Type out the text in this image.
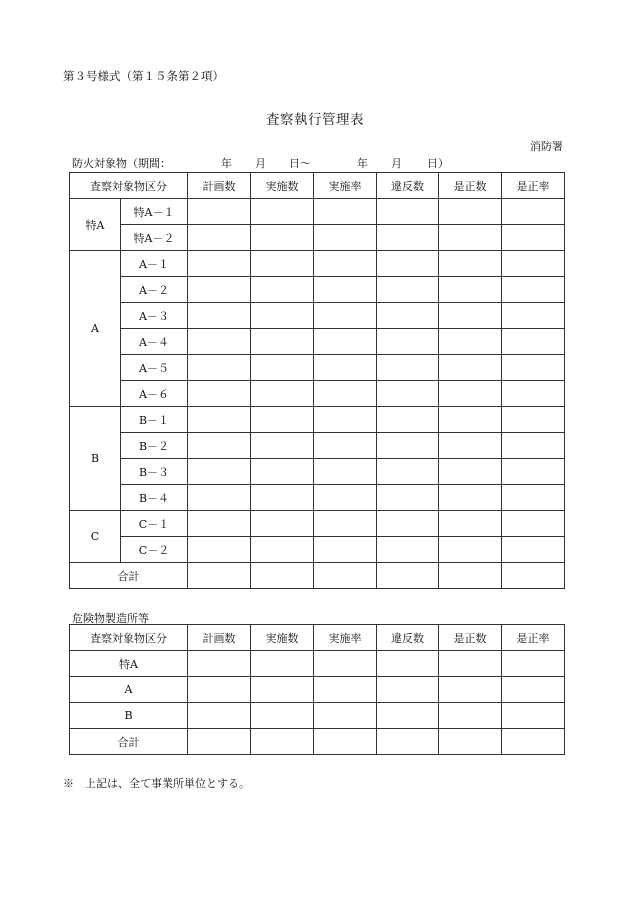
第３号様式（第１５条第２項）
査察執行管理表
消防署
防火対象物（期間：	年 月 日〜	年 月 日）
査察対象物区分		計画数	実施数	実施率	違反数	是正数	是正率
特A	特A－１						
	特A－２						
A	A－１						
	A－２						
	A－３						
	A－４						
	A－５						
	A－６						
B	B－１						
	B－２						
	B－３						
	B－４						
C	C－１						
	C－２						
合計							
危険物製造所等
査察対象物区分	計画数	実施数	実施率	違反数	是正数	是正率
特A						
A						
B						
合計						
※　上記は、全て事業所単位とする。
